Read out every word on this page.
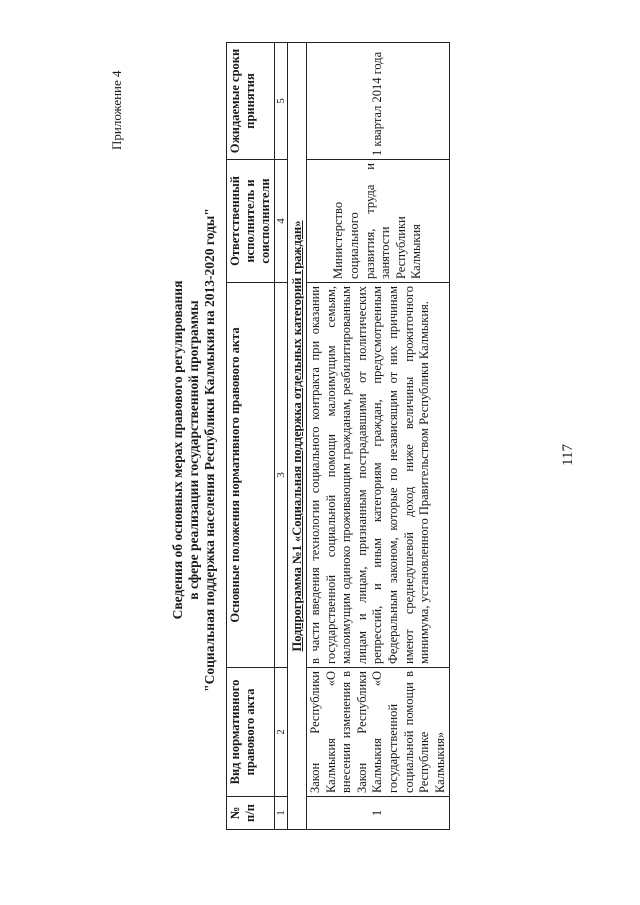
Приложение 4
Сведения об основных мерах правового регулирования в сфере реализации государственной программы "Социальная поддержка населения Республики Калмыкия на 2013-2020 годы"
№ п/п	Вид нормативного правового акта	Основные положения нормативного правового акта	Ответственный исполнитель и соисполнители	Ожидаемые сроки принятия
1	2	3	4	5
Подпрограмма №1 «Социальная поддержка отдельных категорий граждан»				
1	Закон Республики Калмыкия «О внесении изменения в Закон Республики Калмыкия «О государственной социальной помощи в Республике Калмыкия»	в части введения технологии социального контракта при оказании государственной социальной помощи малоимущим семьям, малоимущим одиноко проживающим гражданам, реабилитированным лицам и лицам, признанным пострадавшими от политических репрессий, и иным категориям граждан, предусмотренным Федеральным законом, которые по независящим от них причинам имеют среднедушевой доход ниже величины прожиточного минимума, установленного Правительством Республики Калмыкия.	Министерство социального развития, труда и занятости Республики Калмыкия	1 квартал 2014 года
117
